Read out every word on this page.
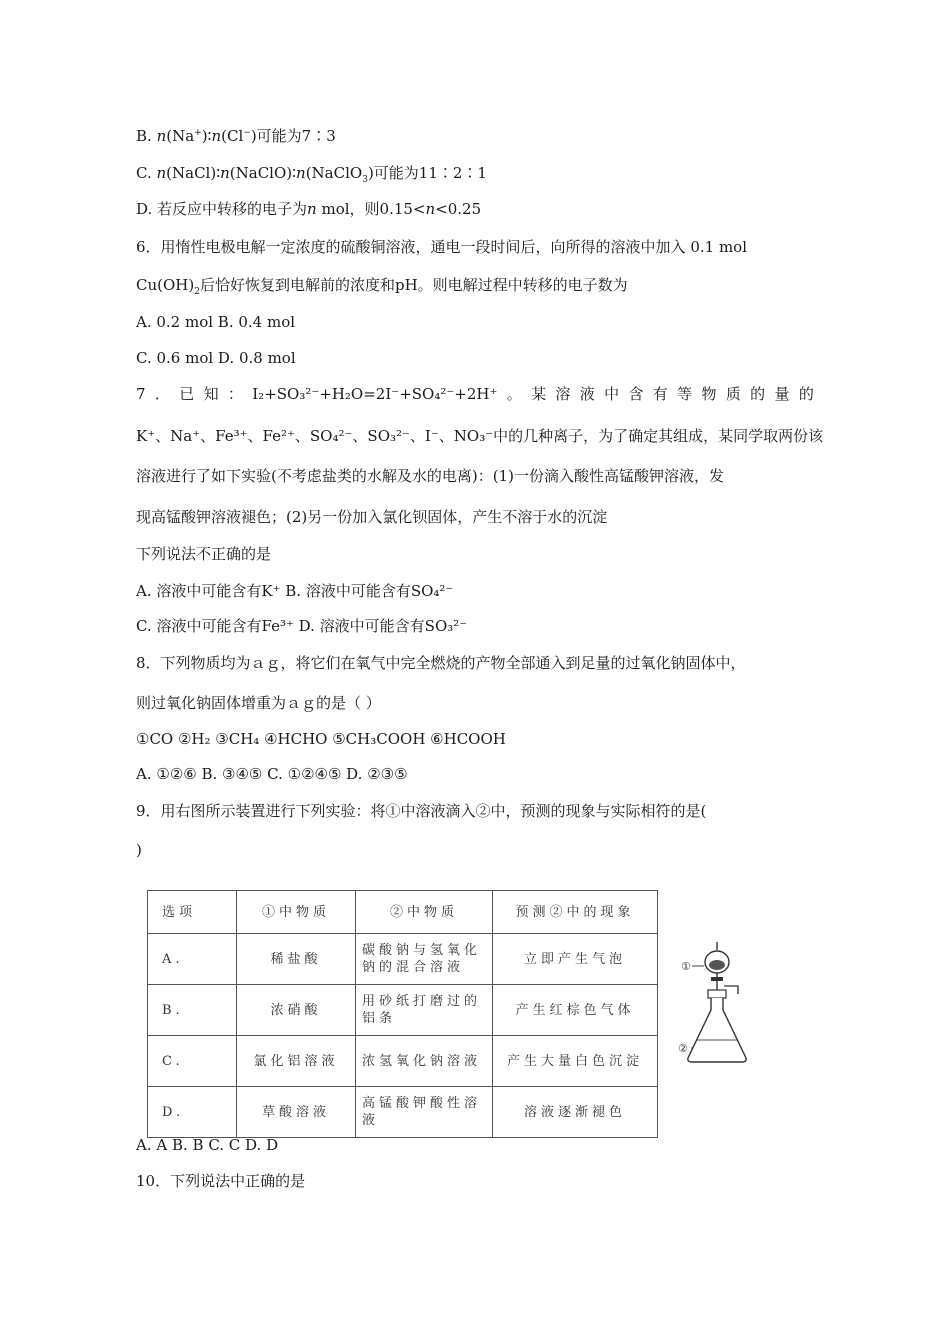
B. n(Na+)∶n(Cl−)可能为7∶3
C. n(NaCl)∶n(NaClO)∶n(NaClO$_3$)可能为11∶2∶1
D. 若反应中转移的电子为n mol，则0.15<n<0.25
6．用惰性电极电解一定浓度的硫酸铜溶液，通电一段时间后，向所得的溶液中加入 0.1 mol
$Cu(OH)_2$后恰好恢复到电解前的浓度和pH。则电解过程中转移的电子数为
A. 0.2 mol B. 0.4 mol
C. 0.6 mol D. 0.8 mol
7 ． 已 知 ： I₂+SO₃²⁻+H₂O=2I⁻+SO₄²⁻+2H⁺ 。 某 溶 液 中 含 有 等 物 质 的 量 的
K⁺、Na⁺、Fe³⁺、Fe²⁺、SO₄²⁻、SO₃²⁻、I⁻、NO₃⁻中的几种离子，为了确定其组成，某同学取两份该
溶液进行了如下实验(不考虑盐类的水解及水的电离)：(1)一份滴入酸性高锰酸钾溶液，发
现高锰酸钾溶液褪色；(2)另一份加入氯化钡固体，产生不溶于水的沉淀
下列说法不正确的是
A. 溶液中可能含有K⁺ B. 溶液中可能含有SO₄²⁻
C. 溶液中可能含有Fe³⁺ D. 溶液中可能含有SO₃²⁻
8．下列物质均为ａｇ，将它们在氧气中完全燃烧的产物全部通入到足量的过氧化钠固体中，
则过氧化钠固体增重为ａｇ的是（ ）
①CO ②H₂ ③CH₄ ④HCHO ⑤CH₃COOH ⑥HCOOH
A. ①②⑥ B. ③④⑤ C. ①②④⑤ D. ②③⑤
9．用右图所示装置进行下列实验：将①中溶液滴入②中，预测的现象与实际相符的是(
)
选项	①中物质	②中物质	预测②中的现象
A.	稀盐酸	碳酸钠与氢氧化钠的混合溶液	立即产生气泡
B.	浓硝酸	用砂纸打磨过的铝条	产生红棕色气体
C.	氯化铝溶液	浓氢氧化钠溶液	产生大量白色沉淀
D.	草酸溶液	高锰酸钾酸性溶液	溶液逐渐褪色
①
②
A. A B. B C. C D. D
10．下列说法中正确的是
